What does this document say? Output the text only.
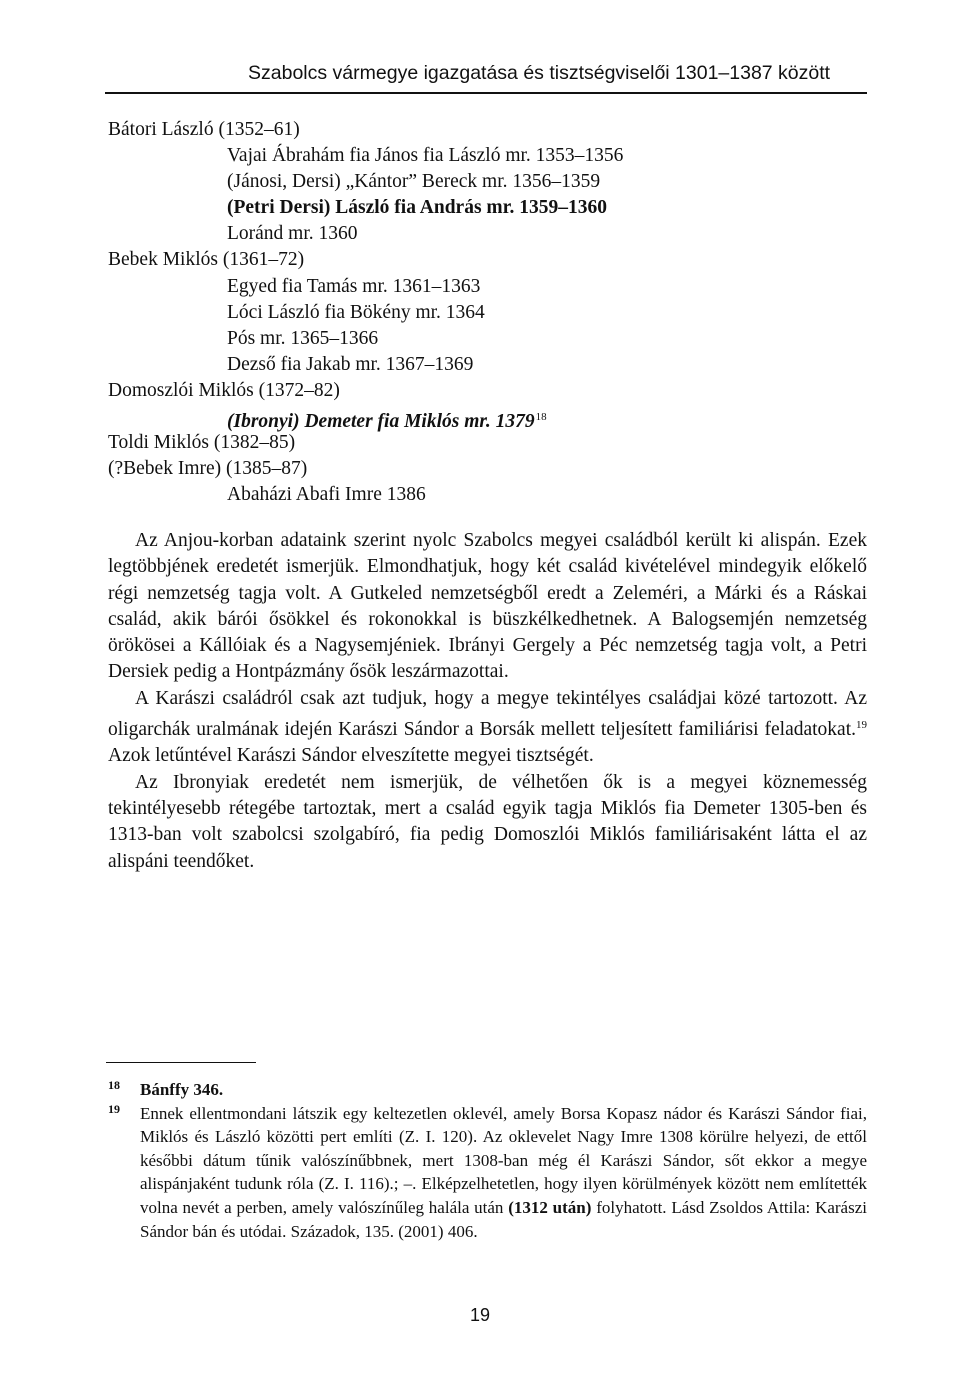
Szabolcs vármegye igazgatása és tisztségviselői 1301–1387 között
Bátori László (1352–61)
Vajai Ábrahám fia János fia László mr. 1353–1356
(Jánosi, Dersi) „Kántor” Bereck mr. 1356–1359
(Petri Dersi) László fia András mr. 1359–1360
Loránd mr. 1360
Bebek Miklós (1361–72)
Egyed fia Tamás mr. 1361–1363
Lóci László fia Bökény mr. 1364
Pós mr. 1365–1366
Dezső fia Jakab mr. 1367–1369
Domoszlói Miklós (1372–82)
(Ibronyi) Demeter fia Miklós mr. 1379$^{18}$
Toldi Miklós (1382–85)
(?Bebek Imre) (1385–87)
Abaházi Abafi Imre 1386

Az Anjou-korban adataink szerint nyolc Szabolcs megyei családból került ki alispán. Ezek legtöbbjének eredetét ismerjük. Elmondhatjuk, hogy két család kivételével mindegyik előkelő régi nemzetség tagja volt. A Gutkeled nemzetségből eredt a Zeleméri, a Márki és a Ráskai család, akik bárói ősökkel és rokonokkal is büszkélkedhetnek. A Balogsemjén nemzetség örökösei a Kállóiak és a Nagysemjéniek. Ibrányi Gergely a Péc nemzetség tagja volt, a Petri Dersiek pedig a Hontpázmány ősök leszármazottai.

A Karászi családról csak azt tudjuk, hogy a megye tekintélyes családjai közé tartozott. Az oligarchák uralmának idején Karászi Sándor a Borsák mellett teljesített familiárisi feladatokat.$^{19}$ Azok letűntével Karászi Sándor elveszítette megyei tisztségét.

Az Ibronyiak eredetét nem ismerjük, de vélhetően ők is a megyei köznemesség tekintélyesebb rétegébe tartoztak, mert a család egyik tagja Miklós fia Demeter 1305-ben és 1313-ban volt szabolcsi szolgabíró, fia pedig Domoszlói Miklós familiárisaként látta el az alispáni teendőket.

18 Bánffy 346.
19 Ennek ellentmondani látszik egy keltezetlen oklevél, amely Borsa Kopasz nádor és Karászi Sándor fiai, Miklós és László közötti pert említi (Z. I. 120). Az oklevelet Nagy Imre 1308 körülre helyezi, de ettől későbbi dátum tűnik valószínűbbnek, mert 1308-ban még él Karászi Sándor, sőt ekkor a megye alispánjaként tudunk róla (Z. I. 116).; –. Elképzelhetetlen, hogy ilyen körülmények között nem említették volna nevét a perben, amely valószínűleg halála után (1312 után) folyhatott. Lásd Zsoldos Attila: Karászi Sándor bán és utódai. Századok, 135. (2001) 406.
19
